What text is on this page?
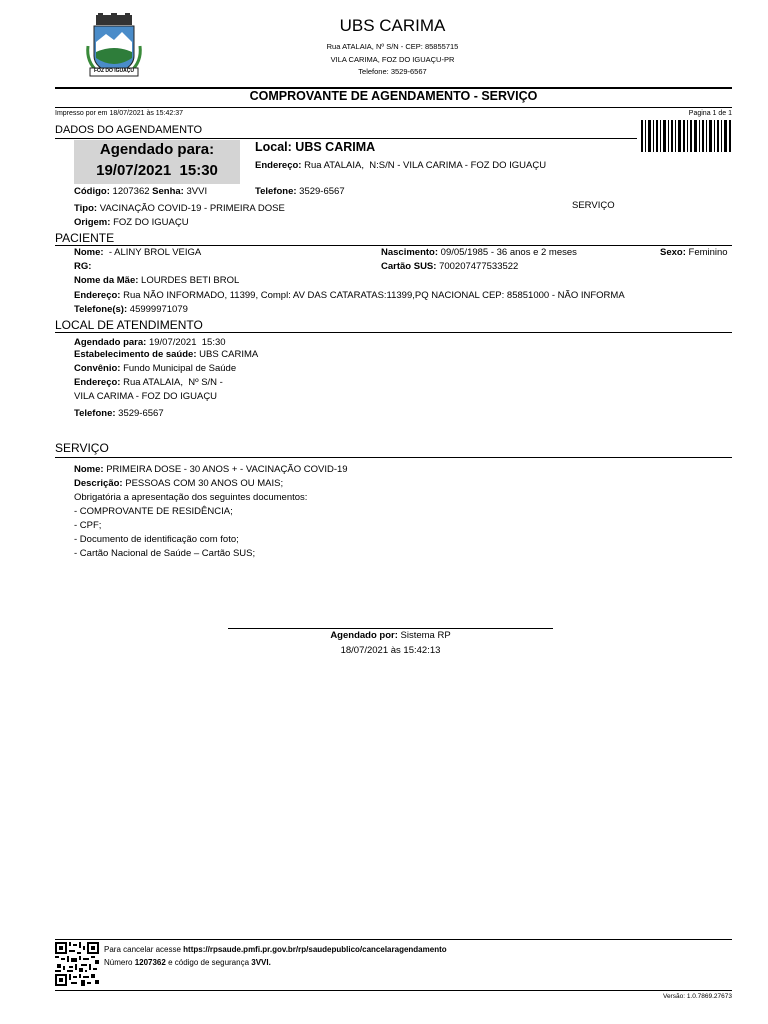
FOZ DO IGUAÇU
UBS CARIMA
Rua ATALAIA, Nº S/N - CEP: 85855715
VILA CARIMA, FOZ DO IGUAÇU-PR
Telefone: 3529-6567
COMPROVANTE DE AGENDAMENTO - SERVIÇO
Impresso por em 18/07/2021 às 15:42:37	Pagina 1 de 1
DADOS DO AGENDAMENTO
Agendado para:
19/07/2021  15:30
Local: UBS CARIMA
Endereço: Rua ATALAIA,  N:S/N - VILA CARIMA - FOZ DO IGUAÇU
Código: 1207362 Senha: 3VVI	Telefone: 3529-6567
Tipo: VACINAÇÃO COVID-19 - PRIMEIRA DOSE	SERVIÇO
Origem: FOZ DO IGUAÇU
PACIENTE
Nome:  - ALINY BROL VEIGA	Nascimento: 09/05/1985 - 36 anos e 2 meses	Sexo: Feminino
RG:	Cartão SUS: 700207477533522
Nome da Mãe: LOURDES BETI BROL
Endereço: Rua NÃO INFORMADO, 11399, Compl: AV DAS CATARATAS:11399,PQ NACIONAL CEP: 85851000 - NÃO INFORMA
Telefone(s): 45999971079
LOCAL DE ATENDIMENTO
Agendado para: 19/07/2021  15:30
Estabelecimento de saúde: UBS CARIMA
Convênio: Fundo Municipal de Saúde
Endereço: Rua ATALAIA,  Nº S/N -
VILA CARIMA - FOZ DO IGUAÇU
Telefone: 3529-6567
SERVIÇO
Nome: PRIMEIRA DOSE - 30 ANOS + - VACINAÇÃO COVID-19
Descrição: PESSOAS COM 30 ANOS OU MAIS;
Obrigatória a apresentação dos seguintes documentos:
- COMPROVANTE DE RESIDÊNCIA;
- CPF;
- Documento de identificação com foto;
- Cartão Nacional de Saúde – Cartão SUS;
Agendado por: Sistema RP
18/07/2021 às 15:42:13
Para cancelar acesse https://rpsaude.pmfi.pr.gov.br/rp/saudepublico/cancelaragendamento
Número 1207362 e código de segurança 3VVI.
Versão: 1.0.7869.27673
